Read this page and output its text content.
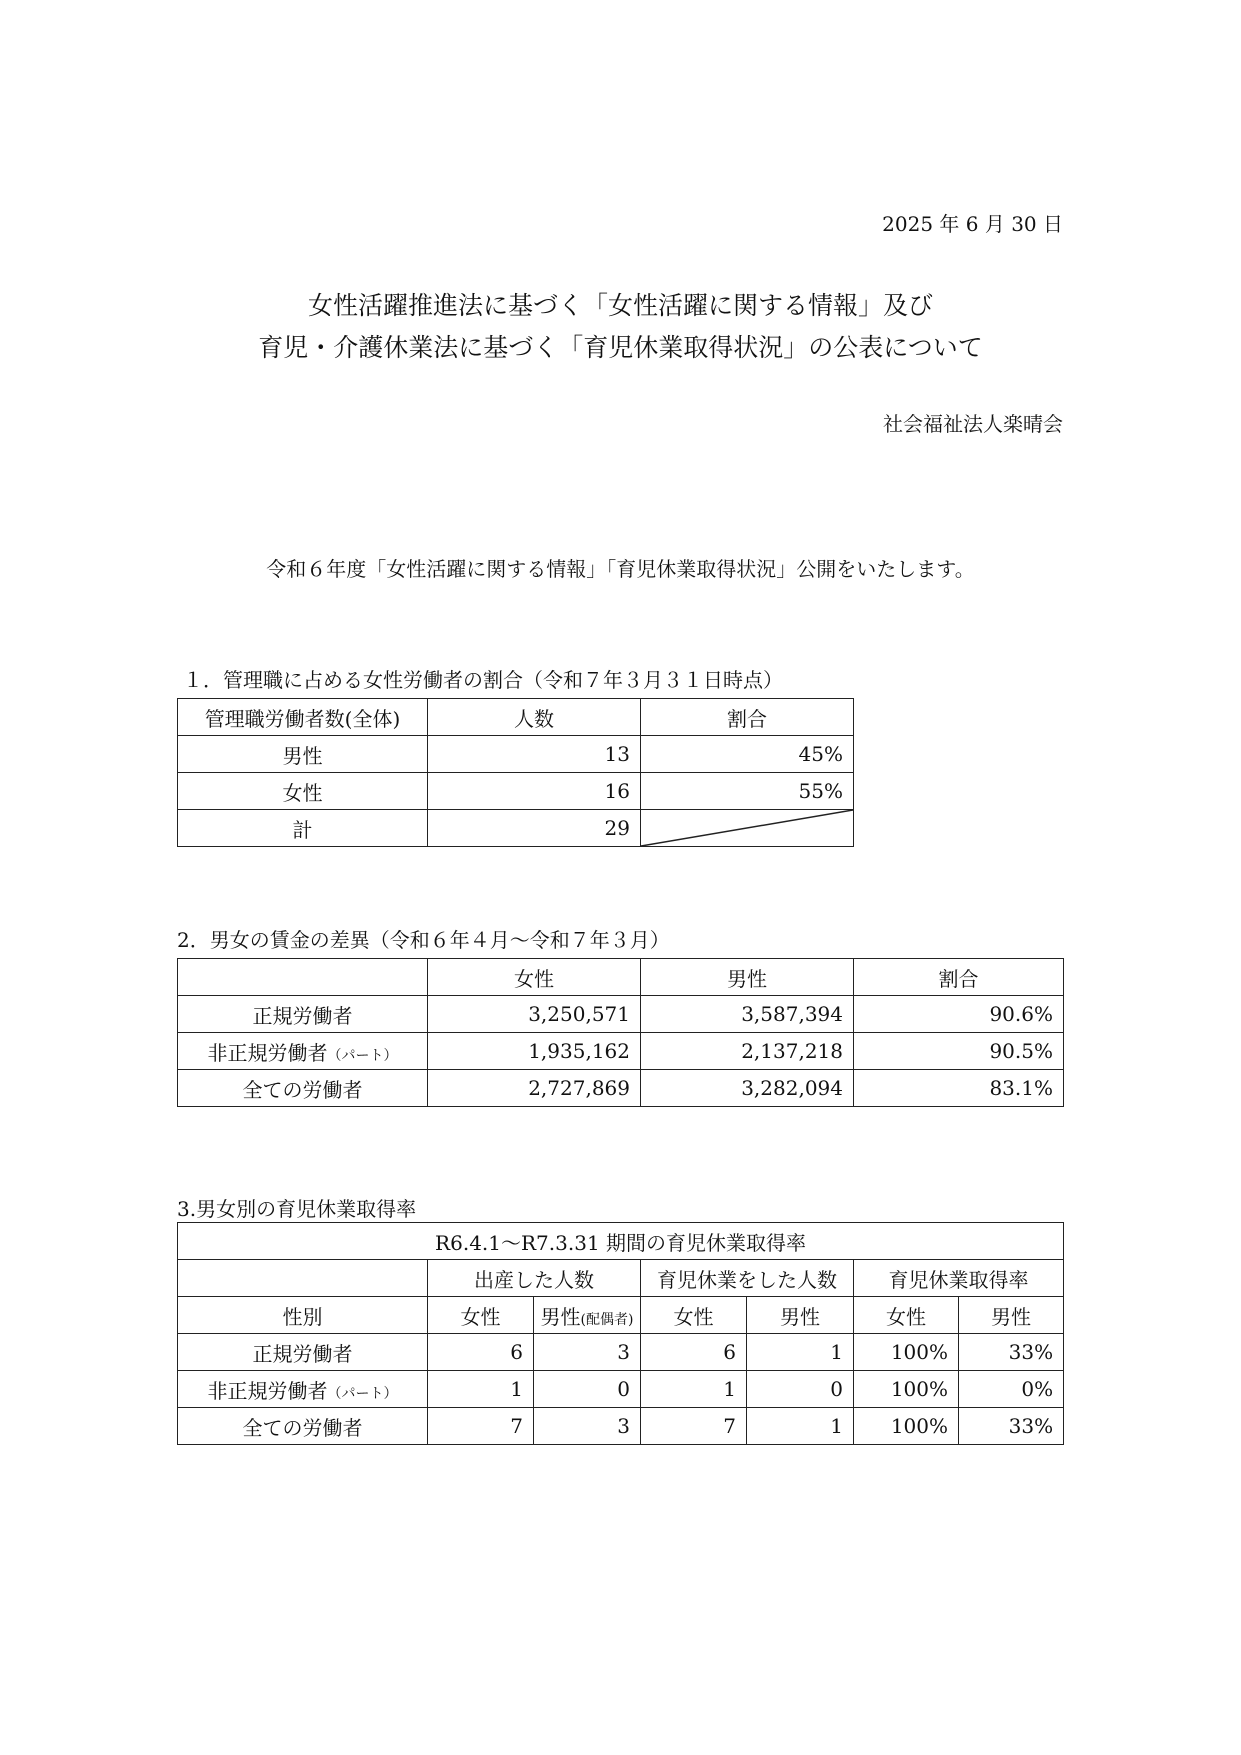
2025 年 6 月 30 日
女性活躍推進法に基づく「女性活躍に関する情報」及び
育児・介護休業法に基づく「育児休業取得状況」の公表について
社会福祉法人楽晴会
令和６年度「女性活躍に関する情報」「育児休業取得状況」公開をいたします。
１．管理職に占める女性労働者の割合（令和７年３月３１日時点）
管理職労働者数(全体)	人数	割合
男性	13	45%
女性	16	55%
計	29	
2．男女の賃金の差異（令和６年４月～令和７年３月）
	女性	男性	割合
正規労働者	3,250,571	3,587,394	90.6%
非正規労働者（パート）	1,935,162	2,137,218	90.5%
全ての労働者	2,727,869	3,282,094	83.1%
3.男女別の育児休業取得率
R6.4.1～R7.3.31 期間の育児休業取得率						
	出産した人数		育児休業をした人数		育児休業取得率	
性別	女性	男性(配偶者)	女性	男性	女性	男性
正規労働者	6	3	6	1	100%	33%
非正規労働者（パート）	1	0	1	0	100%	0%
全ての労働者	7	3	7	1	100%	33%
